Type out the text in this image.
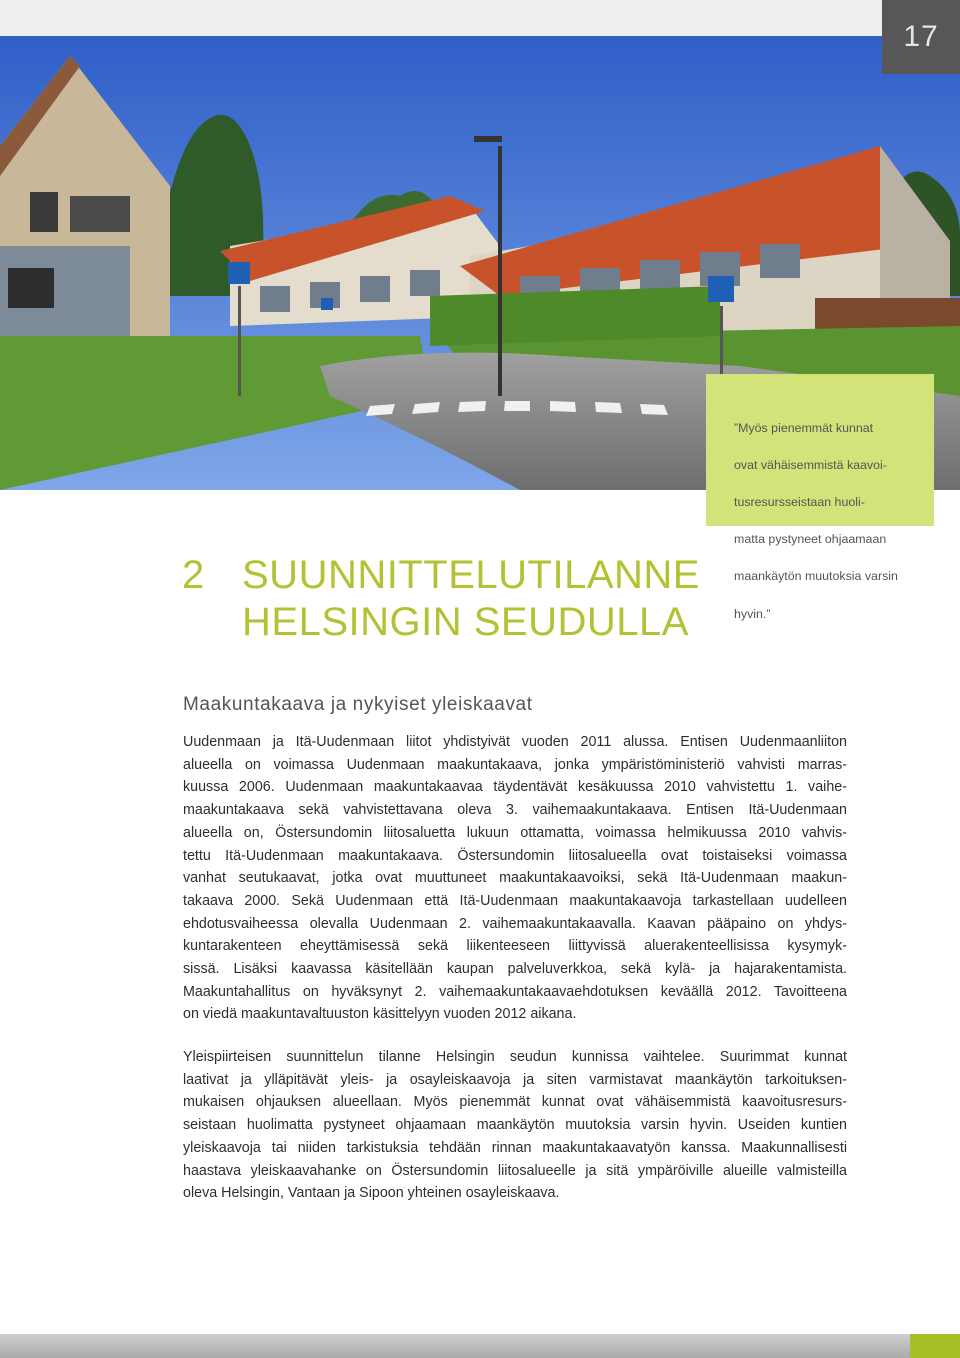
17

”Myös pienemmät kunnat

ovat vähäisemmistä kaavoi-

tusresursseistaan huoli-

matta pystyneet ohjaamaan

maankäytön muutoksia varsin

hyvin.”

2 SUUNNITTELUTILANNE
HELSINGIN SEUDULLA
Maakuntakaava ja nykyiset yleiskaavat
Uudenmaan ja Itä-Uudenmaan liitot yhdistyivät vuoden 2011 alussa. Entisen Uudenmaanliiton
alueella on voimassa Uudenmaan maakuntakaava, jonka ympäristöministeriö vahvisti marras-
kuussa 2006. Uudenmaan maakuntakaavaa täydentävät kesäkuussa 2010 vahvistettu 1. vaihe-
maakuntakaava sekä vahvistettavana oleva 3. vaihemaakuntakaava. Entisen Itä-Uudenmaan
alueella on, Östersundomin liitosaluetta lukuun ottamatta, voimassa helmikuussa 2010 vahvis-
tettu Itä-Uudenmaan maakuntakaava. Östersundomin liitosalueella ovat toistaiseksi voimassa
vanhat seutukaavat, jotka ovat muuttuneet maakuntakaavoiksi, sekä Itä-Uudenmaan maakun-
takaava 2000. Sekä Uudenmaan että Itä-Uudenmaan maakuntakaavoja tarkastellaan uudelleen
ehdotusvaiheessa olevalla Uudenmaan 2. vaihemaakuntakaavalla. Kaavan pääpaino on yhdys-
kuntarakenteen eheyttämisessä sekä liikenteeseen liittyvissä aluerakenteellisissa kysymyk-
sissä. Lisäksi kaavassa käsitellään kaupan palveluverkkoa, sekä kylä- ja hajarakentamista.
Maakuntahallitus on hyväksynyt 2. vaihemaakuntakaavaehdotuksen keväällä 2012. Tavoitteena
on viedä maakuntavaltuuston käsittelyyn vuoden 2012 aikana.
Yleispiirteisen suunnittelun tilanne Helsingin seudun kunnissa vaihtelee. Suurimmat kunnat
laativat ja ylläpitävät yleis- ja osayleiskaavoja ja siten varmistavat maankäytön tarkoituksen-
mukaisen ohjauksen alueellaan. Myös pienemmät kunnat ovat vähäisemmistä kaavoitusresurs-
seistaan huolimatta pystyneet ohjaamaan maankäytön muutoksia varsin hyvin. Useiden kuntien
yleiskaavoja tai niiden tarkistuksia tehdään rinnan maakuntakaavatyön kanssa. Maakunnallisesti
haastava yleiskaavahanke on Östersundomin liitosalueelle ja sitä ympäröiville alueille valmisteilla
oleva Helsingin, Vantaan ja Sipoon yhteinen osayleiskaava.
